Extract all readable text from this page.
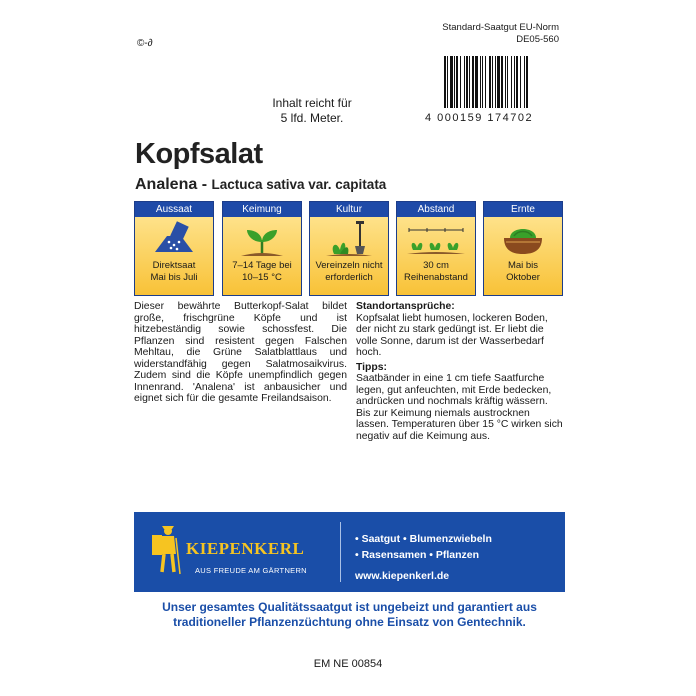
Standard-Saatgut EU-Norm
DE05-560
©-∂
4 000159 174702
Inhalt reicht für
5 lfd. Meter.
Kopfsalat
Analena - Lactuca sativa var. capitata
Aussaat
Direktsaat
Mai bis Juli
Keimung
7–14 Tage bei
10–15 °C
Kultur
Vereinzeln nicht
erforderlich
Abstand
30 cm
Reihenabstand
Ernte
Mai bis
Oktober
Dieser bewährte Butterkopf-Salat bildet große, frischgrüne Köpfe und ist hitzebeständig sowie schossfest. Die Pflanzen sind resistent gegen Falschen Mehltau, die Grüne Salatblattlaus und widerstandfähig gegen Salatmosaikvirus. Zudem sind die Köpfe unempfindlich gegen Innenrand. 'Analena' ist anbausicher und eignet sich für die gesamte Freilandsaison.
Standortansprüche:
Kopfsalat liebt humosen, lockeren Boden, der nicht zu stark gedüngt ist. Er liebt die volle Sonne, darum ist der Wasserbedarf hoch.
Tipps:
Saatbänder in eine 1 cm tiefe Saatfurche legen, gut anfeuchten, mit Erde bedecken, andrücken und nochmals kräftig wässern. Bis zur Keimung niemals austrocknen lassen. Temperaturen über 15 °C wirken sich negativ auf die Keimung aus.
KIEPENKERL
AUS FREUDE AM GÄRTNERN
• Saatgut • Blumenzwiebeln
• Rasensamen • Pflanzen
www.kiepenkerl.de
Unser gesamtes Qualitätssaatgut ist ungebeizt und garantiert aus traditioneller Pflanzenzüchtung ohne Einsatz von Gentechnik.
EM NE 00854
